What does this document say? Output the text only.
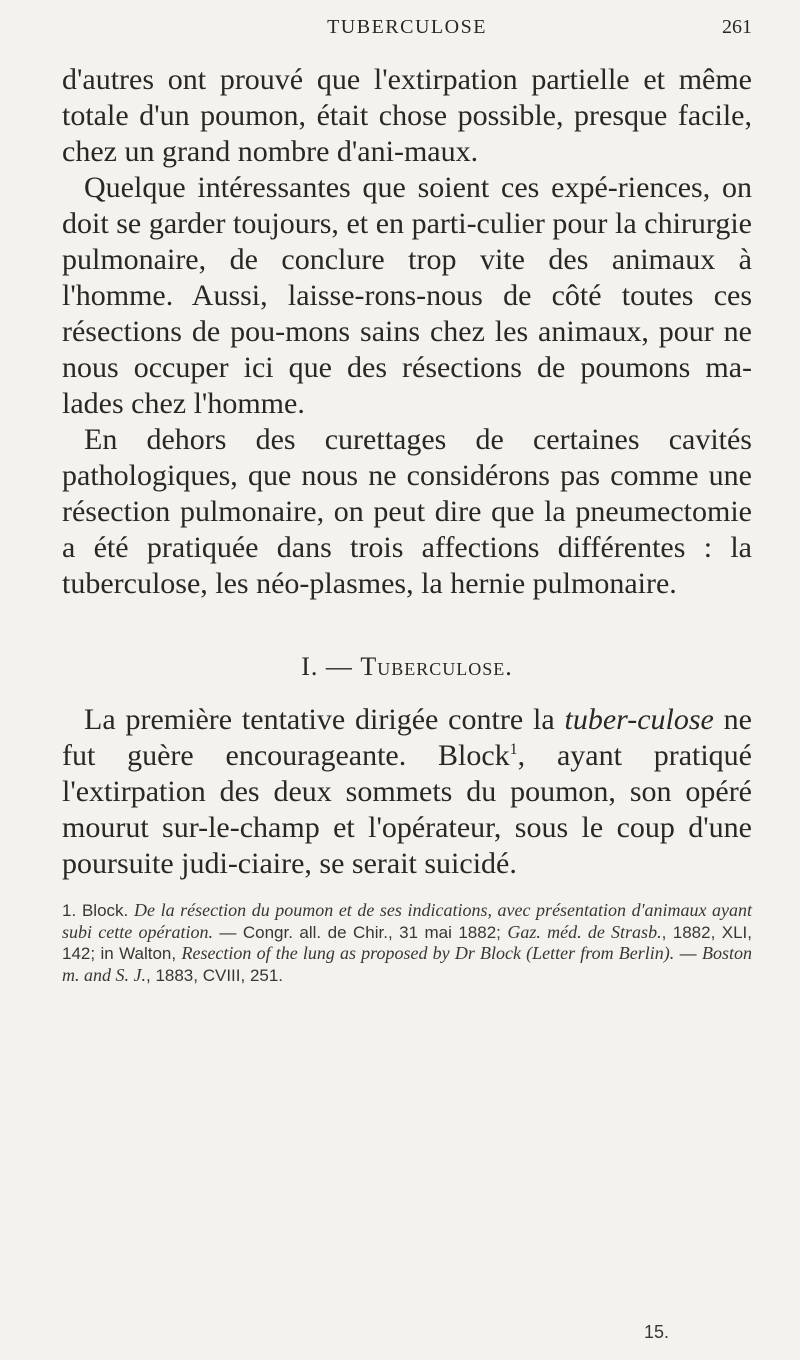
TUBERCULOSE	261

d'autres ont prouvé que l'extirpation partielle et même totale d'un poumon, était chose possible, presque facile, chez un grand nombre d'ani-maux.

Quelque intéressantes que soient ces expé-riences, on doit se garder toujours, et en parti-culier pour la chirurgie pulmonaire, de conclure trop vite des animaux à l'homme. Aussi, laisse-rons-nous de côté toutes ces résections de pou-mons sains chez les animaux, pour ne nous occuper ici que des résections de poumons ma-lades chez l'homme.

En dehors des curettages de certaines cavités pathologiques, que nous ne considérons pas comme une résection pulmonaire, on peut dire que la pneumectomie a été pratiquée dans trois affections différentes : la tuberculose, les néo-plasmes, la hernie pulmonaire.

I. — Tuberculose.

La première tentative dirigée contre la tuber-culose ne fut guère encourageante. Block$^1$, ayant pratiqué l'extirpation des deux sommets du poumon, son opéré mourut sur-le-champ et l'opérateur, sous le coup d'une poursuite judi-ciaire, se serait suicidé.

1. Block. De la résection du poumon et de ses indications, avec présentation d'animaux ayant subi cette opération. — Congr. all. de Chir., 31 mai 1882; Gaz. méd. de Strasb., 1882, XLI, 142; in Walton, Resection of the lung as proposed by Dr Block (Letter from Berlin). — Boston m. and S. J., 1883, CVIII, 251.
15.
